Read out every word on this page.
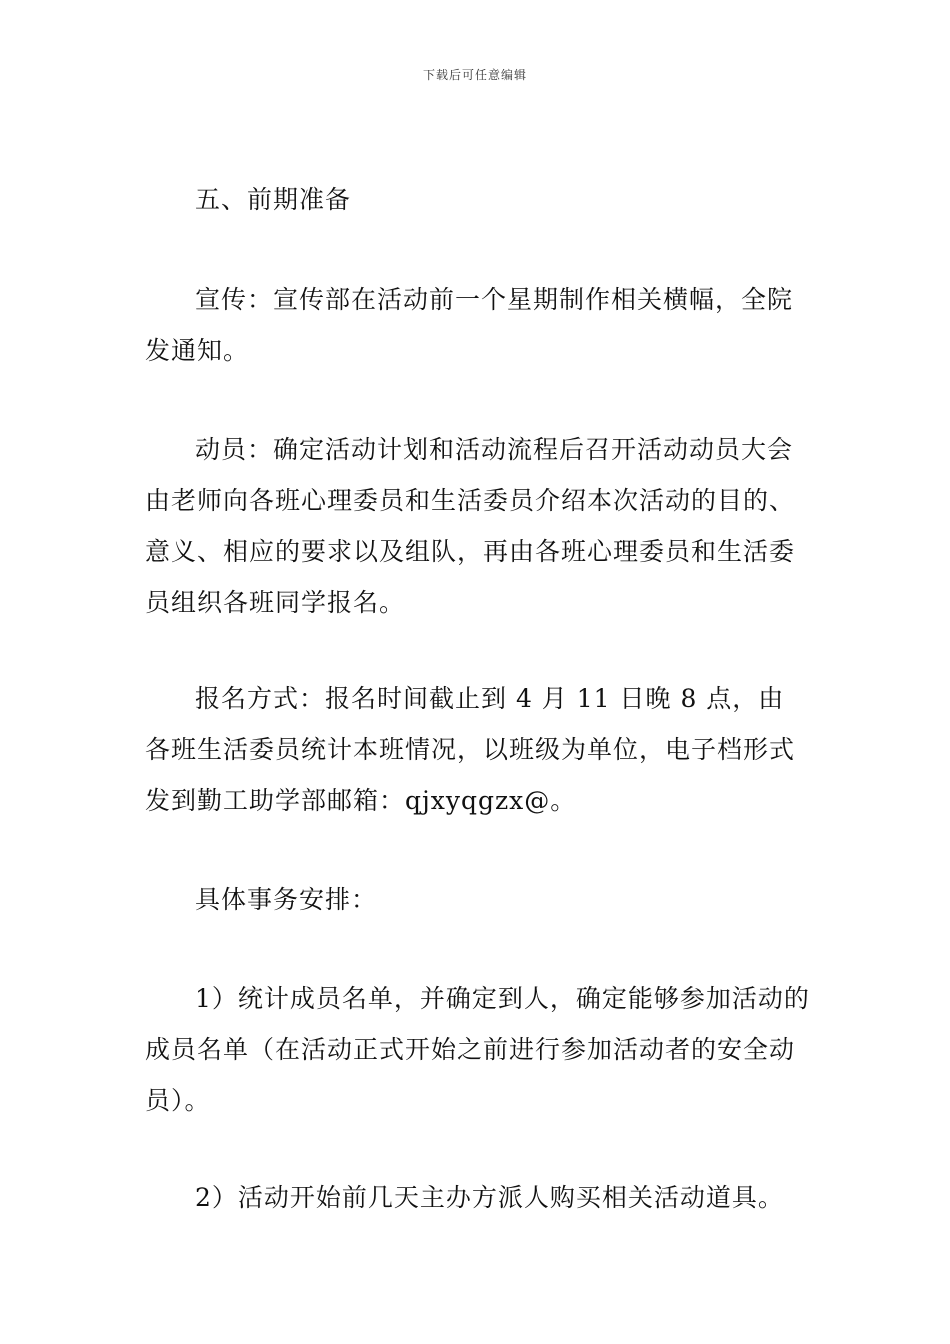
下载后可任意编辑

五、前期准备

宣传：宣传部在活动前一个星期制作相关横幅，全院发通知。

动员：确定活动计划和活动流程后召开活动动员大会由老师向各班心理委员和生活委员介绍本次活动的目的、意义、相应的要求以及组队，再由各班心理委员和生活委员组织各班同学报名。

报名方式：报名时间截止到 4 月 11 日晚 8 点，由各班生活委员统计本班情况，以班级为单位，电子档形式发到勤工助学部邮箱：qjxyqgzx@。

具体事务安排：

1）统计成员名单，并确定到人，确定能够参加活动的成员名单（在活动正式开始之前进行参加活动者的安全动员）。

2）活动开始前几天主办方派人购买相关活动道具。
